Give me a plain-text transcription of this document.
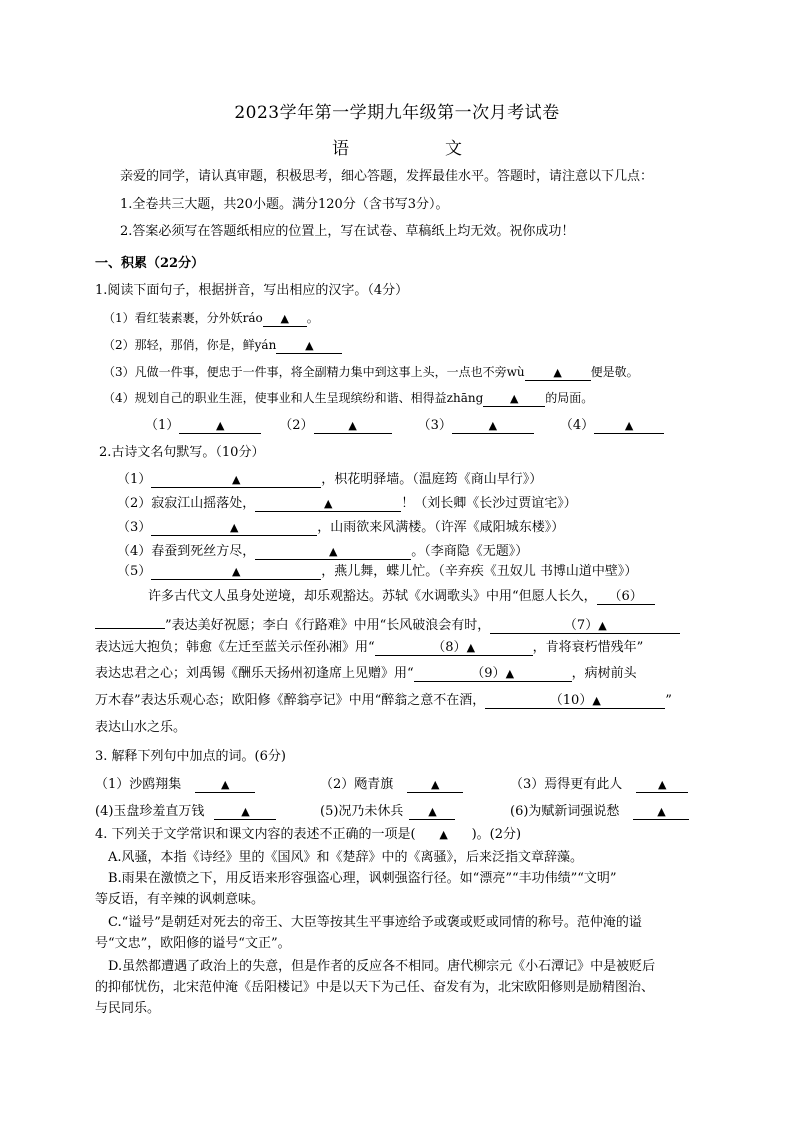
2023学年第一学期九年级第一次月考试卷
语	文
亲爱的同学，请认真审题，积极思考，细心答题，发挥最佳水平。答题时，请注意以下几点：
1.全卷共三大题，共20小题。满分120分（含书写3分）。
2.答案必须写在答题纸相应的位置上，写在试卷、草稿纸上均无效。祝你成功！
一、积累（22分）
1.阅读下面句子，根据拼音，写出相应的汉字。（4分）
（1）看红装素裹，分外妖ráo ▲ 。
（2）那轻，那俏，你是，鲜yán	▲
（3）凡做一件事，便忠于一件事，将全副精力集中到这事上头，一点也不旁wù	▲ 便是敬。
（4）规划自己的职业生涯，使事业和人生呈现缤纷和谐、相得益zhāng ▲ 的局面。
（1）	▲	（2）	▲	（3）	▲	（4）	▲
2.古诗文名句默写。（10分）
（1）	▲	，枳花明驿墙。（温庭筠《商山早行》）
（2）寂寂江山摇落处，	▲	！（刘长卿《长沙过贾谊宅》）
（3）	▲	，山雨欲来风满楼。（许浑《咸阳城东楼》）
（4）春蚕到死丝方尽，	▲	。（李商隐《无题》）
（5）	▲	，燕儿舞，蝶儿忙。（辛弃疾《丑奴儿 书博山道中壁》）
许多古代文人虽身处逆境，却乐观豁达。苏轼《水调歌头》中用“但愿人长久， （6）
”表达美好祝愿；李白《行路难》中用“长风破浪会有时，	（7）▲
表达远大抱负；韩愈《左迁至蓝关示侄孙湘》用“	（8）▲	，肯将衰朽惜残年”
表达忠君之心；刘禹锡《酬乐天扬州初逢席上见赠》用“	（9）▲	，病树前头
万木春”表达乐观心态；欧阳修《醉翁亭记》中用“醉翁之意不在酒，	（10）▲	”
表达山水之乐。
3. 解释下列句中加点的词。(6分)
（1）沙鸥翔集	▲	（2）飏青旗	▲	（3）焉得更有此人	▲
(4)玉盘珍羞直万钱	▲	(5)况乃未休兵 ▲	(6)为赋新词强说愁	▲
4. 下列关于文学常识和课文内容的表述不正确的一项是( ▲ )。(2分)
A.风骚，本指《诗经》里的《国风》和《楚辞》中的《离骚》，后来泛指文章辞藻。
B.雨果在激愤之下，用反语来形容强盗心理，讽刺强盗行径。如“漂亮”“丰功伟绩”“文明”
等反语，有辛辣的讽刺意味。
C.“谥号”是朝廷对死去的帝王、大臣等按其生平事迹给予或褒或贬或同情的称号。范仲淹的谥
号“文忠”，欧阳修的谥号“文正”。
D.虽然都遭遇了政治上的失意，但是作者的反应各不相同。唐代柳宗元《小石潭记》中是被贬后
的抑郁忧伤，北宋范仲淹《岳阳楼记》中是以天下为己任、奋发有为，北宋欧阳修则是励精图治、
与民同乐。
